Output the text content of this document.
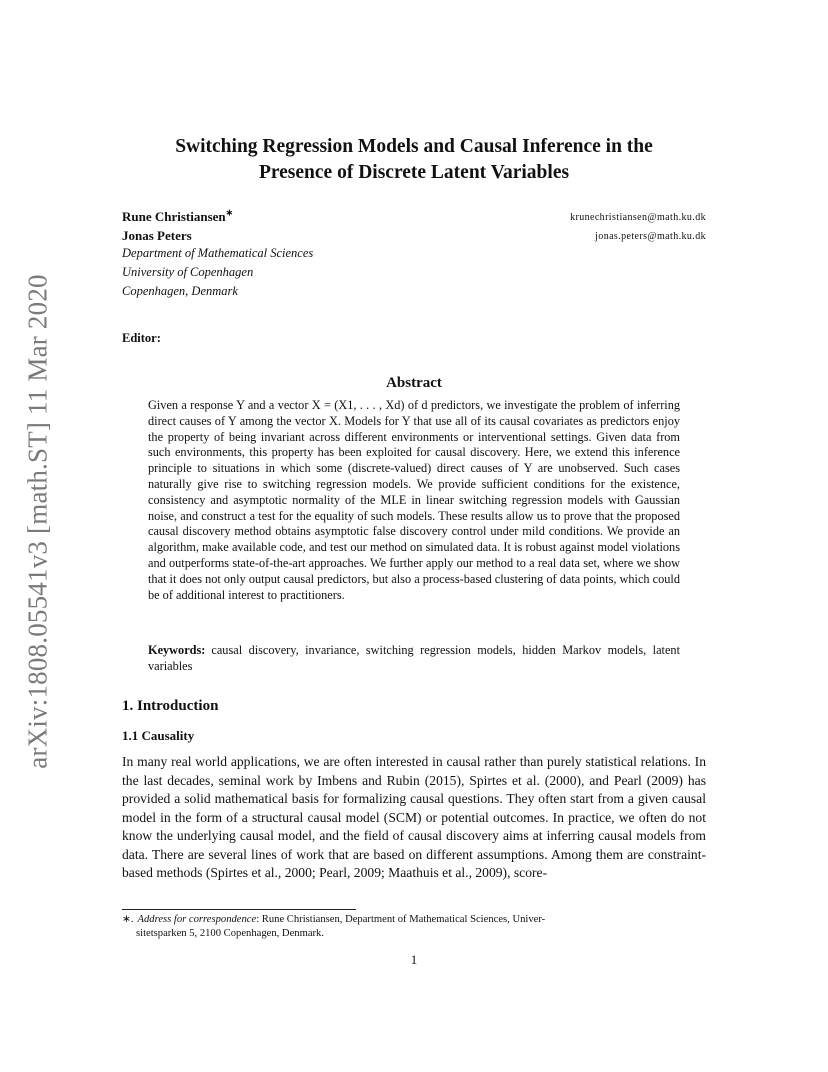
arXiv:1808.05541v3 [math.ST] 11 Mar 2020
Switching Regression Models and Causal Inference in the
Presence of Discrete Latent Variables
Rune Christiansen∗	krunechristiansen@math.ku.dk
Jonas Peters	jonas.peters@math.ku.dk
Department of Mathematical Sciences
University of Copenhagen
Copenhagen, Denmark
Editor:
Abstract
Given a response Y and a vector X = (X1, . . . , Xd) of d predictors, we investigate the problem of inferring direct causes of Y among the vector X. Models for Y that use all of its causal covariates as predictors enjoy the property of being invariant across different environments or interventional settings. Given data from such environments, this property has been exploited for causal discovery. Here, we extend this inference principle to situations in which some (discrete-valued) direct causes of Y are unobserved. Such cases naturally give rise to switching regression models. We provide sufficient conditions for the existence, consistency and asymptotic normality of the MLE in linear switching regression models with Gaussian noise, and construct a test for the equality of such models. These results allow us to prove that the proposed causal discovery method obtains asymptotic false discovery control under mild conditions. We provide an algorithm, make available code, and test our method on simulated data. It is robust against model violations and outperforms state-of-the-art approaches. We further apply our method to a real data set, where we show that it does not only output causal predictors, but also a process-based clustering of data points, which could be of additional interest to practitioners.
Keywords: causal discovery, invariance, switching regression models, hidden Markov models, latent variables
1. Introduction
1.1 Causality
In many real world applications, we are often interested in causal rather than purely statistical relations. In the last decades, seminal work by Imbens and Rubin (2015), Spirtes et al. (2000), and Pearl (2009) has provided a solid mathematical basis for formalizing causal questions. They often start from a given causal model in the form of a structural causal model (SCM) or potential outcomes. In practice, we often do not know the underlying causal model, and the field of causal discovery aims at inferring causal models from data. There are several lines of work that are based on different assumptions. Among them are constraint-based methods (Spirtes et al., 2000; Pearl, 2009; Maathuis et al., 2009), score-
∗. Address for correspondence: Rune Christiansen, Department of Mathematical Sciences, Univer-
sitetsparken 5, 2100 Copenhagen, Denmark.
1
